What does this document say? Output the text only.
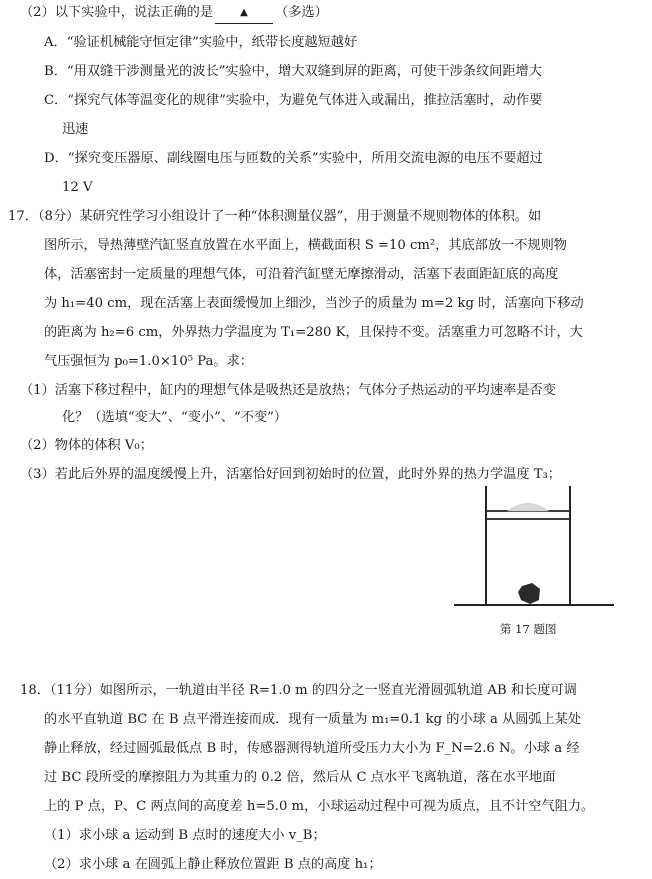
（2）以下实验中，说法正确的是	▲ （多选）
A．“验证机械能守恒定律”实验中，纸带长度越短越好
B．“用双缝干涉测量光的波长”实验中，增大双缝到屏的距离，可使干涉条纹间距增大
C．“探究气体等温变化的规律”实验中，为避免气体进入或漏出，推拉活塞时，动作要
迅速
D．“探究变压器原、副线圈电压与匝数的关系”实验中，所用交流电源的电压不要超过
12 V
17．（8分）某研究性学习小组设计了一种“体积测量仪器”，用于测量不规则物体的体积。如
图所示，导热薄壁汽缸竖直放置在水平面上，横截面积 S =10 cm²，其底部放一不规则物
体，活塞密封一定质量的理想气体，可沿着汽缸壁无摩擦滑动，活塞下表面距缸底的高度
为 h₁=40 cm，现在活塞上表面缓慢加上细沙，当沙子的质量为 m=2 kg 时，活塞向下移动
的距离为 h₂=6 cm，外界热力学温度为 T₁=280 K，且保持不变。活塞重力可忽略不计，大
气压强恒为 p₀=1.0×10⁵ Pa。求：
（1）活塞下移过程中，缸内的理想气体是吸热还是放热；气体分子热运动的平均速率是否变
化？（选填“变大”、“变小”、“不变”）
（2）物体的体积 V₀；
（3）若此后外界的温度缓慢上升，活塞恰好回到初始时的位置，此时外界的热力学温度 T₃；
第 17 题图
18．（11分）如图所示，一轨道由半径 R=1.0 m 的四分之一竖直光滑圆弧轨道 AB 和长度可调
的水平直轨道 BC 在 B 点平滑连接而成．现有一质量为 m₁=0.1 kg 的小球 a 从圆弧上某处
静止释放，经过圆弧最低点 B 时，传感器测得轨道所受压力大小为 F_N=2.6 N。小球 a 经
过 BC 段所受的摩擦阻力为其重力的 0.2 倍，然后从 C 点水平飞离轨道，落在水平地面
上的 P 点，P、C 两点间的高度差 h=5.0 m，小球运动过程中可视为质点，且不计空气阻力。
（1）求小球 a 运动到 B 点时的速度大小 v_B；
（2）求小球 a 在圆弧上静止释放位置距 B 点的高度 h₁；
